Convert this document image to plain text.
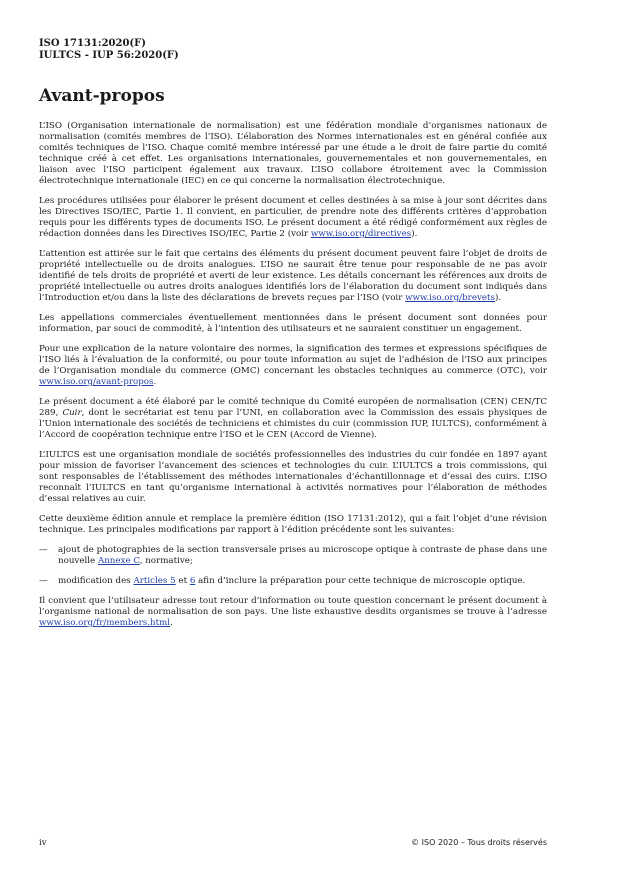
ISO 17131:2020(F)
IULTCS - IUP 56:2020(F)
Avant-propos

L’ISO (Organisation internationale de normalisation) est une fédération mondiale d’organismes nationaux de normalisation (comités membres de l’ISO). L’élaboration des Normes internationales est en général confiée aux comités techniques de l’ISO. Chaque comité membre intéressé par une étude a le droit de faire partie du comité technique créé à cet effet. Les organisations internationales, gouvernementales et non gouvernementales, en liaison avec l’ISO participent également aux travaux. L’ISO collabore étroitement avec la Commission électrotechnique internationale (IEC) en ce qui concerne la normalisation électrotechnique.

Les procédures utilisées pour élaborer le présent document et celles destinées à sa mise à jour sont décrites dans les Directives ISO/IEC, Partie 1. Il convient, en particulier, de prendre note des différents critères d’approbation requis pour les différents types de documents ISO. Le présent document a été rédigé conformément aux règles de rédaction données dans les Directives ISO/IEC, Partie 2 (voir www.iso.org/directives).

L’attention est attirée sur le fait que certains des éléments du présent document peuvent faire l’objet de droits de propriété intellectuelle ou de droits analogues. L’ISO ne saurait être tenue pour responsable de ne pas avoir identifié de tels droits de propriété et averti de leur existence. Les détails concernant les références aux droits de propriété intellectuelle ou autres droits analogues identifiés lors de l’élaboration du document sont indiqués dans l’Introduction et/ou dans la liste des déclarations de brevets reçues par l’ISO (voir www.iso.org/brevets).

Les appellations commerciales éventuellement mentionnées dans le présent document sont données pour information, par souci de commodité, à l’intention des utilisateurs et ne sauraient constituer un engagement.

Pour une explication de la nature volontaire des normes, la signification des termes et expressions spécifiques de l’ISO liés à l’évaluation de la conformité, ou pour toute information au sujet de l’adhésion de l’ISO aux principes de l’Organisation mondiale du commerce (OMC) concernant les obstacles techniques au commerce (OTC), voir www.iso.org/avant-propos.

Le présent document a été élaboré par le comité technique du Comité européen de normalisation (CEN) CEN/TC 289, Cuir, dont le secrétariat est tenu par l’UNI, en collaboration avec la Commission des essais physiques de l’Union internationale des sociétés de techniciens et chimistes du cuir (commission IUP, IULTCS), conformément à l’Accord de coopération technique entre l’ISO et le CEN (Accord de Vienne).

L’IULTCS est une organisation mondiale de sociétés professionnelles des industries du cuir fondée en 1897 ayant pour mission de favoriser l’avancement des sciences et technologies du cuir. L’IULTCS a trois commissions, qui sont responsables de l’établissement des méthodes internationales d’échantillonnage et d’essai des cuirs. L’ISO reconnaît l’IULTCS en tant qu’organisme international à activités normatives pour l’élaboration de méthodes d’essai relatives au cuir.

Cette deuxième édition annule et remplace la première édition (ISO 17131:2012), qui a fait l’objet d’une révision technique. Les principales modifications par rapport à l’édition précédente sont les suivantes:

— ajout de photographies de la section transversale prises au microscope optique à contraste de phase dans une nouvelle Annexe C, normative;
— modification des Articles 5 et 6 afin d’inclure la préparation pour cette technique de microscopie optique.

Il convient que l’utilisateur adresse tout retour d’information ou toute question concernant le présent document à l’organisme national de normalisation de son pays. Une liste exhaustive desdits organismes se trouve à l’adresse www.iso.org/fr/members.html.

iv	© ISO 2020 – Tous droits réservés
